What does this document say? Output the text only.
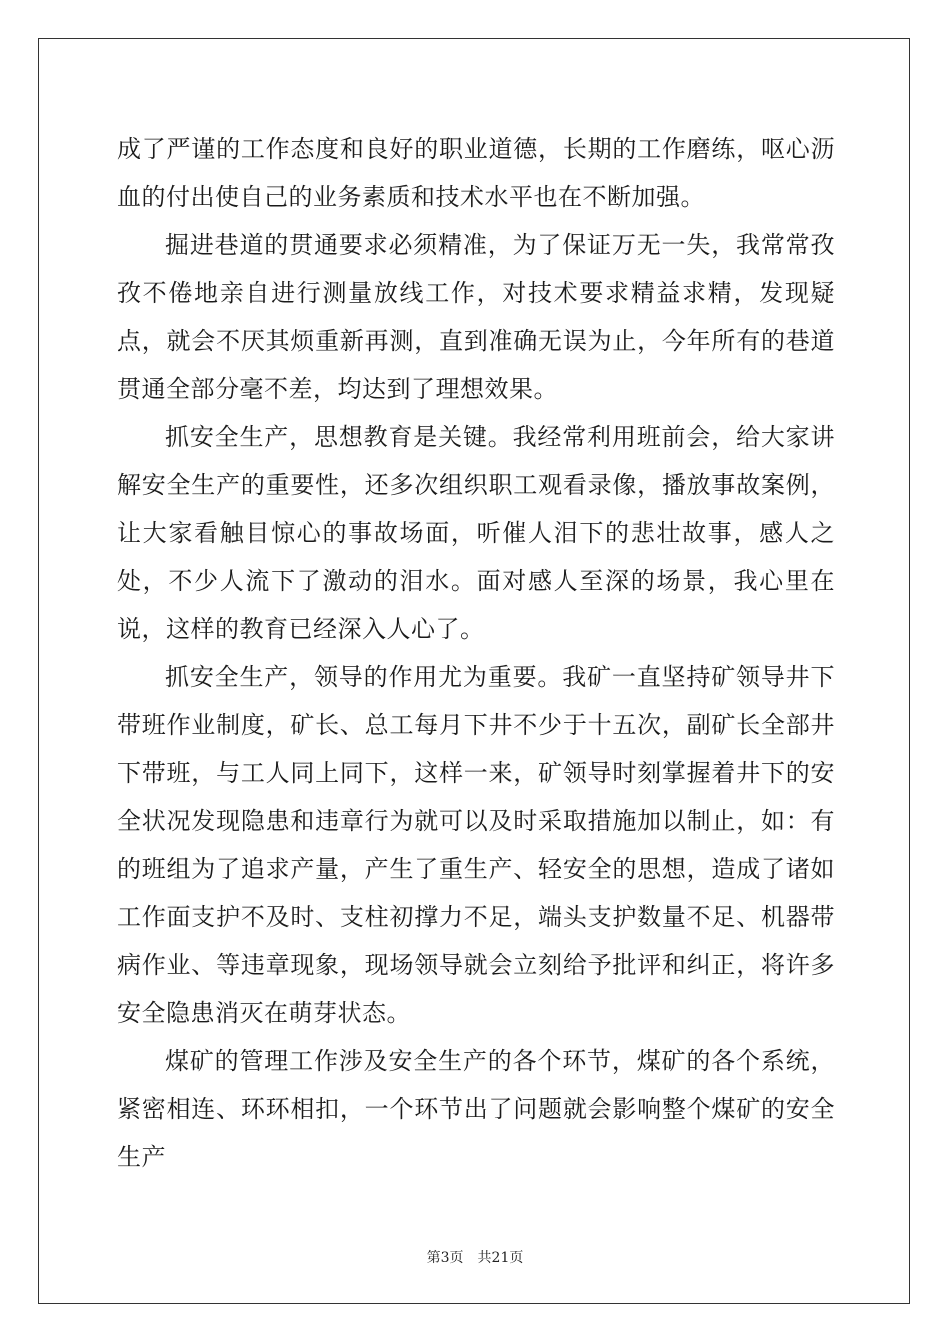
成了严谨的工作态度和良好的职业道德，长期的工作磨练，呕心沥血的付出使自己的业务素质和技术水平也在不断加强。

掘进巷道的贯通要求必须精准，为了保证万无一失，我常常孜孜不倦地亲自进行测量放线工作，对技术要求精益求精，发现疑点，就会不厌其烦重新再测，直到准确无误为止，今年所有的巷道贯通全部分毫不差，均达到了理想效果。

抓安全生产，思想教育是关键。我经常利用班前会，给大家讲解安全生产的重要性，还多次组织职工观看录像，播放事故案例，让大家看触目惊心的事故场面，听催人泪下的悲壮故事，感人之处，不少人流下了激动的泪水。面对感人至深的场景，我心里在说，这样的教育已经深入人心了。

抓安全生产，领导的作用尤为重要。我矿一直坚持矿领导井下带班作业制度，矿长、总工每月下井不少于十五次，副矿长全部井下带班，与工人同上同下，这样一来，矿领导时刻掌握着井下的安全状况发现隐患和违章行为就可以及时采取措施加以制止，如：有的班组为了追求产量，产生了重生产、轻安全的思想，造成了诸如工作面支护不及时、支柱初撑力不足，端头支护数量不足、机器带病作业、等违章现象，现场领导就会立刻给予批评和纠正，将许多安全隐患消灭在萌芽状态。

煤矿的管理工作涉及安全生产的各个环节，煤矿的各个系统，紧密相连、环环相扣，一个环节出了问题就会影响整个煤矿的安全生产

第3页 共21页
